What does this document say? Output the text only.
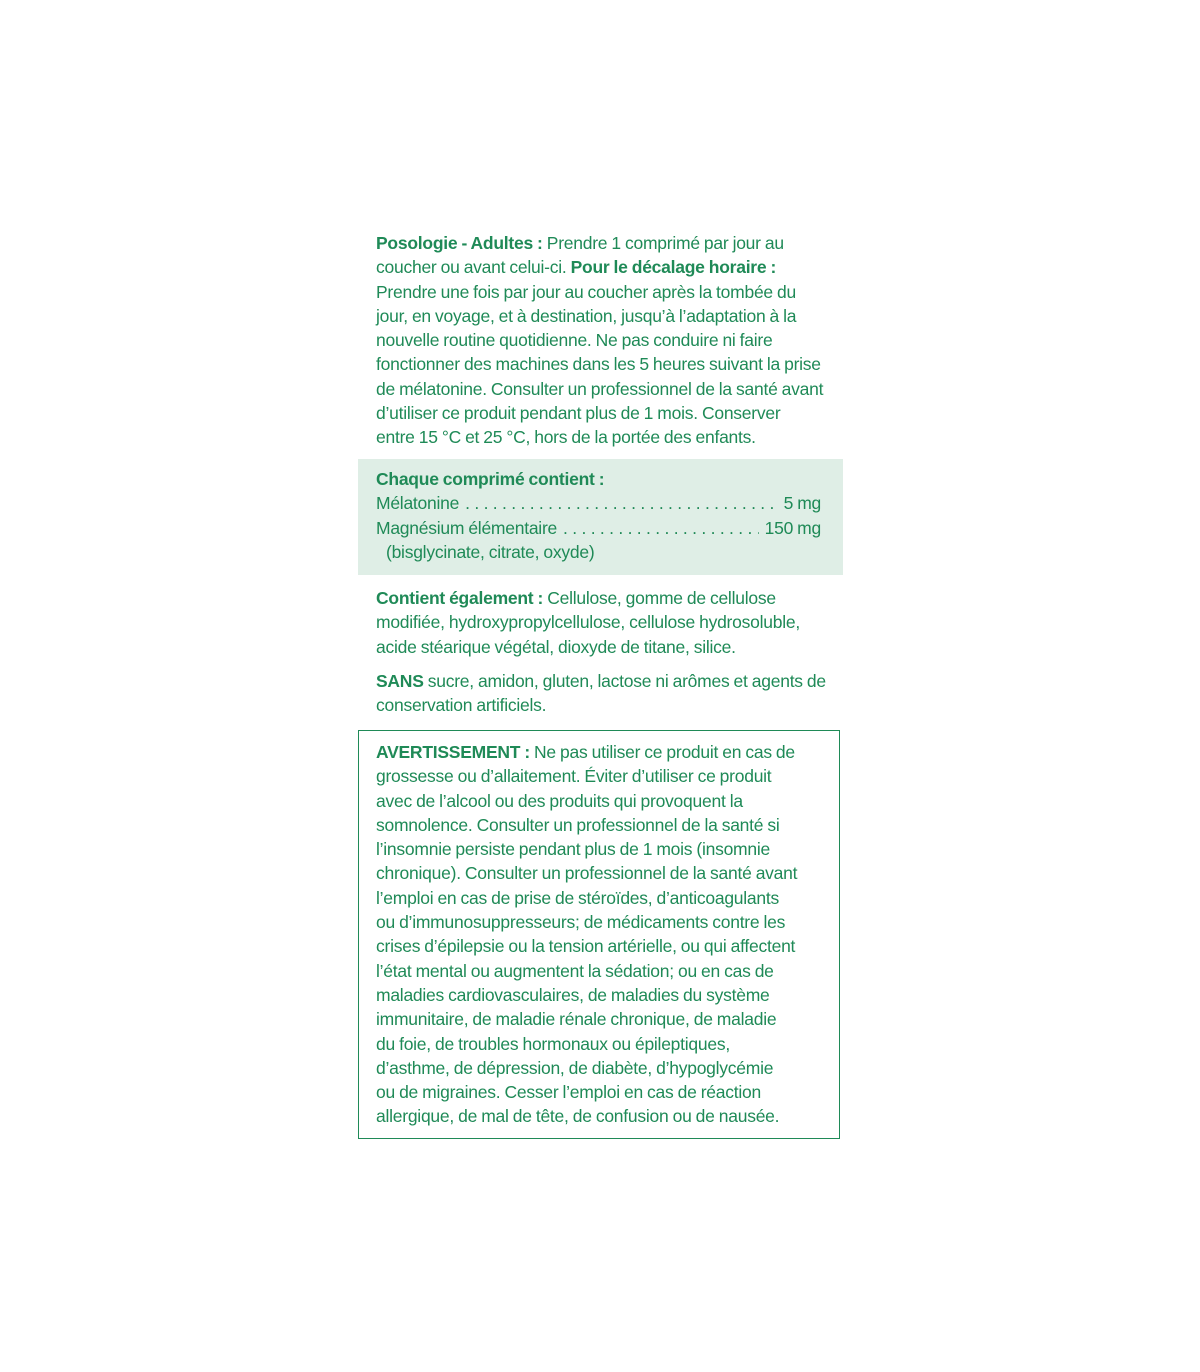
Posologie - Adultes : Prendre 1 comprimé par jour au
coucher ou avant celui-ci. Pour le décalage horaire :
Prendre une fois par jour au coucher après la tombée du
jour, en voyage, et à destination, jusqu’à l’adaptation à la
nouvelle routine quotidienne. Ne pas conduire ni faire
fonctionner des machines dans les 5 heures suivant la prise
de mélatonine. Consulter un professionnel de la santé avant
d’utiliser ce produit pendant plus de 1 mois. Conserver
entre 15 °C et 25 °C, hors de la portée des enfants.
Chaque comprimé contient :
Mélatonine . . .	5 mg
Magnésium élémentaire . . .	150 mg
(bisglycinate, citrate, oxyde)
Contient également : Cellulose, gomme de cellulose
modifiée, hydroxypropylcellulose, cellulose hydrosoluble,
acide stéarique végétal, dioxyde de titane, silice.
SANS sucre, amidon, gluten, lactose ni arômes et agents de
conservation artificiels.
AVERTISSEMENT : Ne pas utiliser ce produit en cas de
grossesse ou d’allaitement. Éviter d’utiliser ce produit
avec de l’alcool ou des produits qui provoquent la
somnolence. Consulter un professionnel de la santé si
l’insomnie persiste pendant plus de 1 mois (insomnie
chronique). Consulter un professionnel de la santé avant
l’emploi en cas de prise de stéroïdes, d’anticoagulants
ou d’immunosuppresseurs; de médicaments contre les
crises d’épilepsie ou la tension artérielle, ou qui affectent
l’état mental ou augmentent la sédation; ou en cas de
maladies cardiovasculaires, de maladies du système
immunitaire, de maladie rénale chronique, de maladie
du foie, de troubles hormonaux ou épileptiques,
d’asthme, de dépression, de diabète, d’hypoglycémie
ou de migraines. Cesser l’emploi en cas de réaction
allergique, de mal de tête, de confusion ou de nausée.
